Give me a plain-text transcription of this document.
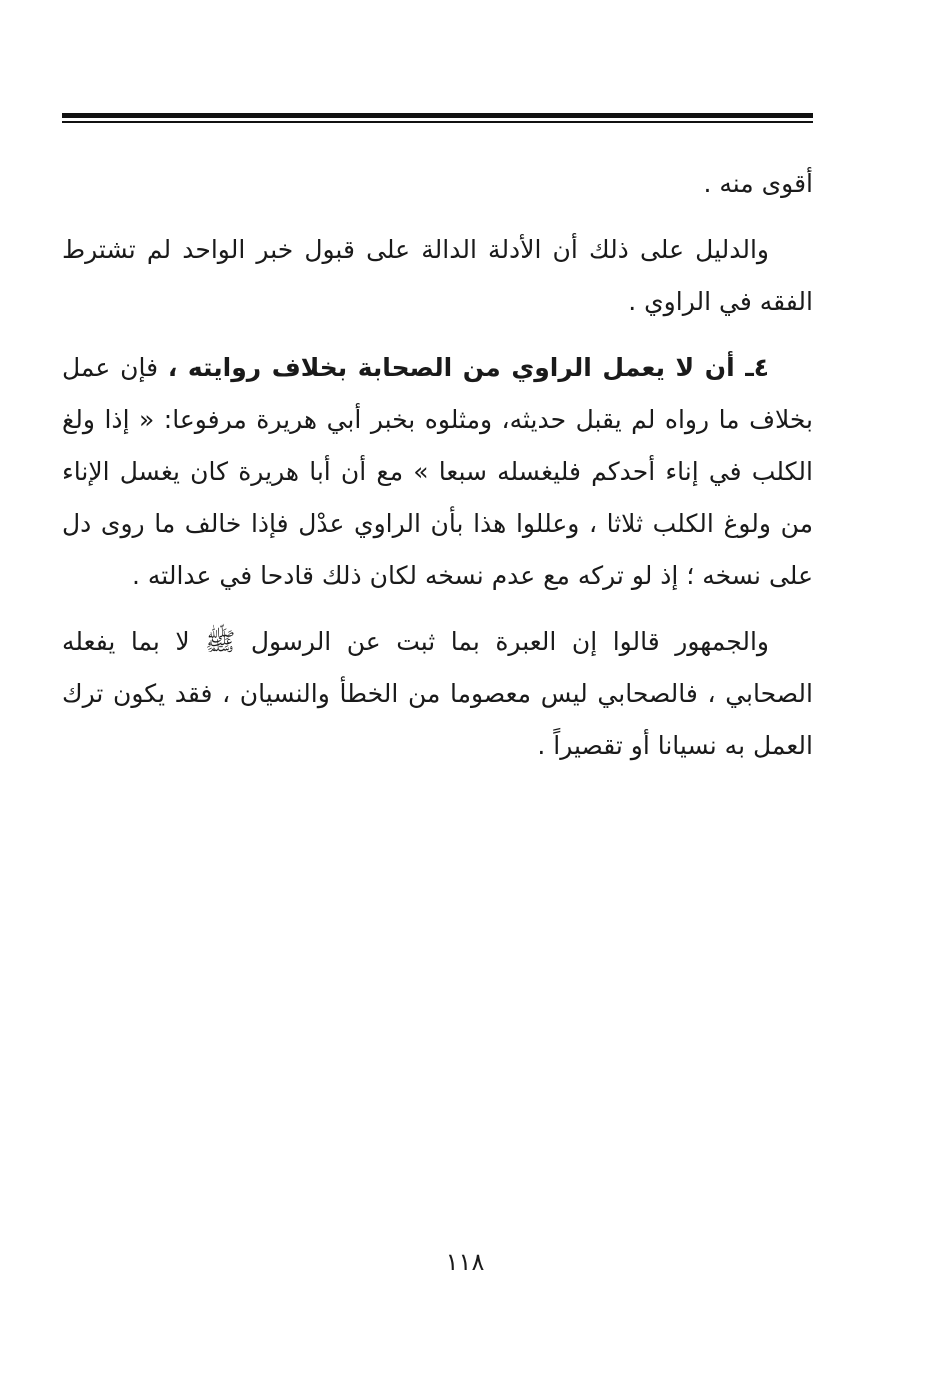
أقوى منه .

والدليل على ذلك أن الأدلة الدالة على قبول خبر الواحد لم تشترط الفقه في الراوي .

٤ـ أن لا يعمل الراوي من الصحابة بخلاف روايته ، فإن عمل بخلاف ما رواه لم يقبل حديثه، ومثلوه بخبر أبي هريرة مرفوعا: « إذا ولغ الكلب في إناء أحدكم فليغسله سبعا » مع أن أبا هريرة كان يغسل الإناء من ولوغ الكلب ثلاثا ، وعللوا هذا بأن الراوي عدْل فإذا خالف ما روى دل على نسخه ؛ إذ لو تركه مع عدم نسخه لكان ذلك قادحا في عدالته .

والجمهور قالوا إن العبرة بما ثبت عن الرسول ﷺ لا بما يفعله الصحابي ، فالصحابي ليس معصوما من الخطأ والنسيان ، فقد يكون ترك العمل به نسيانا أو تقصيراً .

١١٨
